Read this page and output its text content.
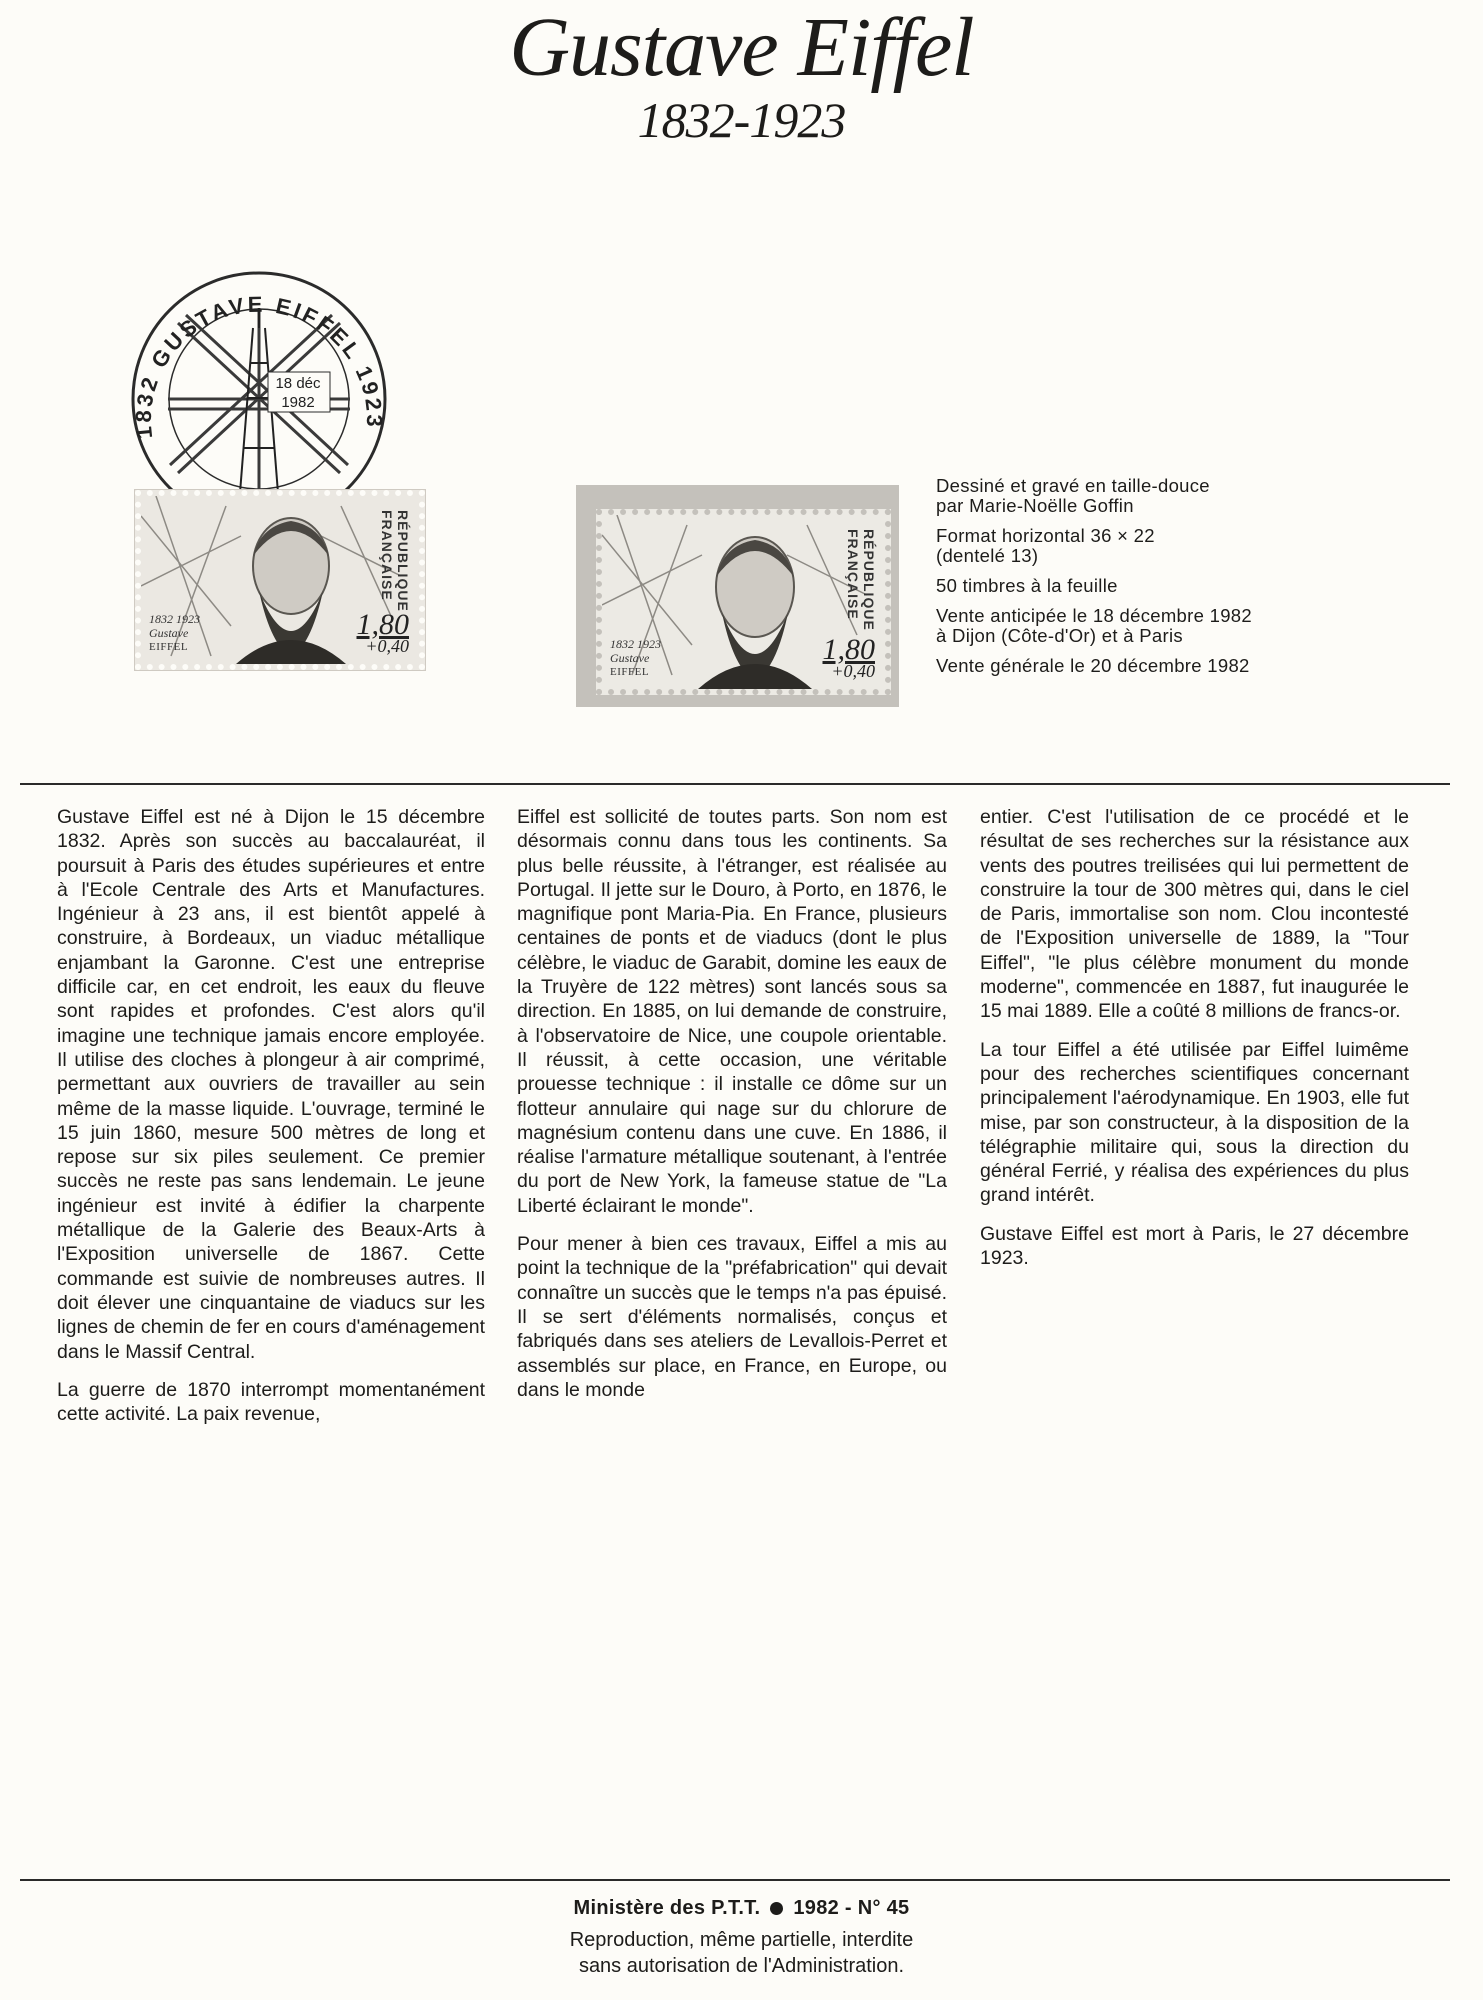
Gustave Eiffel
1832-1923
18 déc
1982
1832 GUSTAVE EIFFEL 1923
RÉPUBLIQUE FRANÇAISE
1832 1923
Gustave
EIFFEL
1,80
+0,40
RÉPUBLIQUE FRANÇAISE
1832 1923
Gustave
EIFFEL
1,80
+0,40

Dessiné et gravé en taille-douce
par Marie-Noëlle Goffin

Format horizontal 36 × 22
(dentelé 13)

50 timbres à la feuille

Vente anticipée le 18 décembre 1982
à Dijon (Côte-d'Or) et à Paris

Vente générale le 20 décembre 1982

Gustave Eiffel est né à Dijon le 15 décembre 1832. Après son succès au baccalauréat, il poursuit à Paris des études supérieures et entre à l'Ecole Centrale des Arts et Manufactures. Ingénieur à 23 ans, il est bientôt appelé à construire, à Bordeaux, un viaduc métallique enjambant la Garonne. C'est une entreprise difficile car, en cet endroit, les eaux du fleuve sont rapides et profondes. C'est alors qu'il imagine une technique jamais encore employée. Il utilise des cloches à plongeur à air comprimé, permettant aux ouvriers de travailler au sein même de la masse liquide. L'ouvrage, terminé le 15 juin 1860, mesure 500 mètres de long et repose sur six piles seulement. Ce premier succès ne reste pas sans lendemain. Le jeune ingénieur est invité à édifier la charpente métallique de la Galerie des Beaux-Arts à l'Exposition universelle de 1867. Cette commande est suivie de nombreuses autres. Il doit élever une cinquantaine de viaducs sur les lignes de chemin de fer en cours d'aménagement dans le Massif Central.

La guerre de 1870 interrompt momentanément cette activité. La paix revenue,

Eiffel est sollicité de toutes parts. Son nom est désormais connu dans tous les continents. Sa plus belle réussite, à l'étranger, est réalisée au Portugal. Il jette sur le Douro, à Porto, en 1876, le magnifique pont Maria-Pia. En France, plusieurs centaines de ponts et de viaducs (dont le plus célèbre, le viaduc de Garabit, domine les eaux de la Truyère de 122 mètres) sont lancés sous sa direction. En 1885, on lui demande de construire, à l'observatoire de Nice, une coupole orientable. Il réussit, à cette occasion, une véritable prouesse technique : il installe ce dôme sur un flotteur annulaire qui nage sur du chlorure de magnésium contenu dans une cuve. En 1886, il réalise l'armature métallique soutenant, à l'entrée du port de New York, la fameuse statue de "La Liberté éclairant le monde".

Pour mener à bien ces travaux, Eiffel a mis au point la technique de la "préfabrication" qui devait connaître un succès que le temps n'a pas épuisé. Il se sert d'éléments normalisés, conçus et fabriqués dans ses ateliers de Levallois-Perret et assemblés sur place, en France, en Europe, ou dans le monde

entier. C'est l'utilisation de ce procédé et le résultat de ses recherches sur la résistance aux vents des poutres treilisées qui lui permettent de construire la tour de 300 mètres qui, dans le ciel de Paris, immortalise son nom. Clou incontesté de l'Exposition universelle de 1889, la "Tour Eiffel", "le plus célèbre monument du monde moderne", commencée en 1887, fut inaugurée le 15 mai 1889. Elle a coûté 8 millions de francs-or.

La tour Eiffel a été utilisée par Eiffel luimême pour des recherches scientifiques concernant principalement l'aérodynamique. En 1903, elle fut mise, par son constructeur, à la disposition de la télégraphie militaire qui, sous la direction du général Ferrié, y réalisa des expériences du plus grand intérêt.

Gustave Eiffel est mort à Paris, le 27 décembre 1923.

Ministère des P.T.T. 1982 - N° 45
Reproduction, même partielle, interdite
sans autorisation de l'Administration.
